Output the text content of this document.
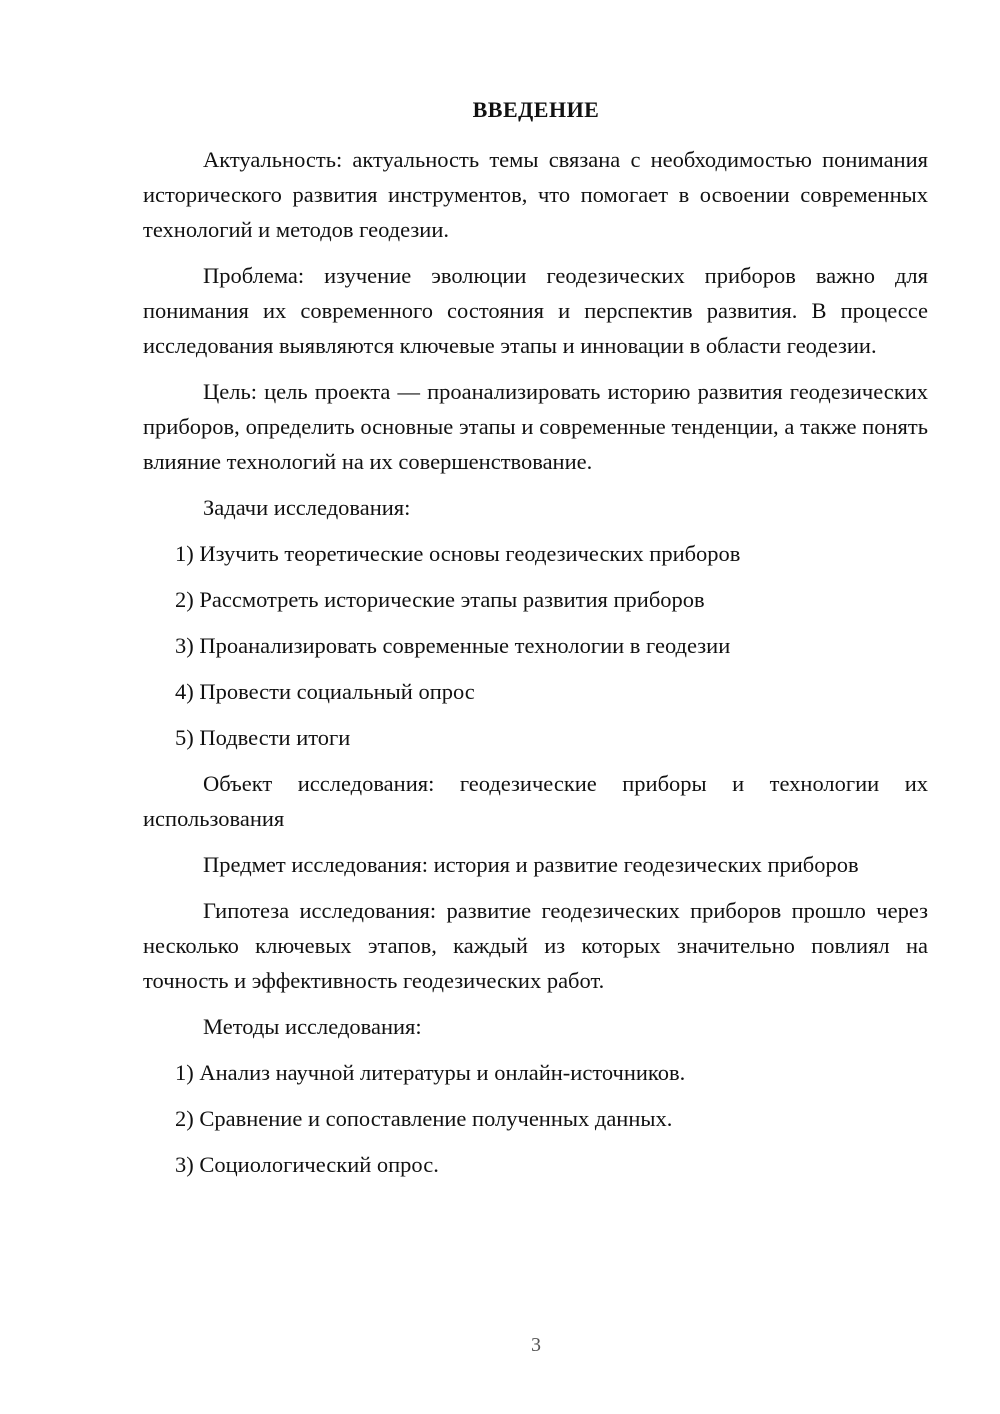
ВВЕДЕНИЕ

Актуальность: актуальность темы связана с необходимостью понимания исторического развития инструментов, что помогает в освоении современных технологий и методов геодезии.

Проблема: изучение эволюции геодезических приборов важно для понимания их современного состояния и перспектив развития. В процессе исследования выявляются ключевые этапы и инновации в области геодезии.

Цель: цель проекта — проанализировать историю развития геодезических приборов, определить основные этапы и современные тенденции, а также понять влияние технологий на их совершенствование.

Задачи исследования:

1) Изучить теоретические основы геодезических приборов

2) Рассмотреть исторические этапы развития приборов

3) Проанализировать современные технологии в геодезии

4) Провести социальный опрос

5) Подвести итоги

Объект исследования: геодезические приборы и технологии их использования

Предмет исследования: история и развитие геодезических приборов

Гипотеза исследования: развитие геодезических приборов прошло через несколько ключевых этапов, каждый из которых значительно повлиял на точность и эффективность геодезических работ.

Методы исследования:

1) Анализ научной литературы и онлайн-источников.

2) Сравнение и сопоставление полученных данных.

3) Социологический опрос.

3
